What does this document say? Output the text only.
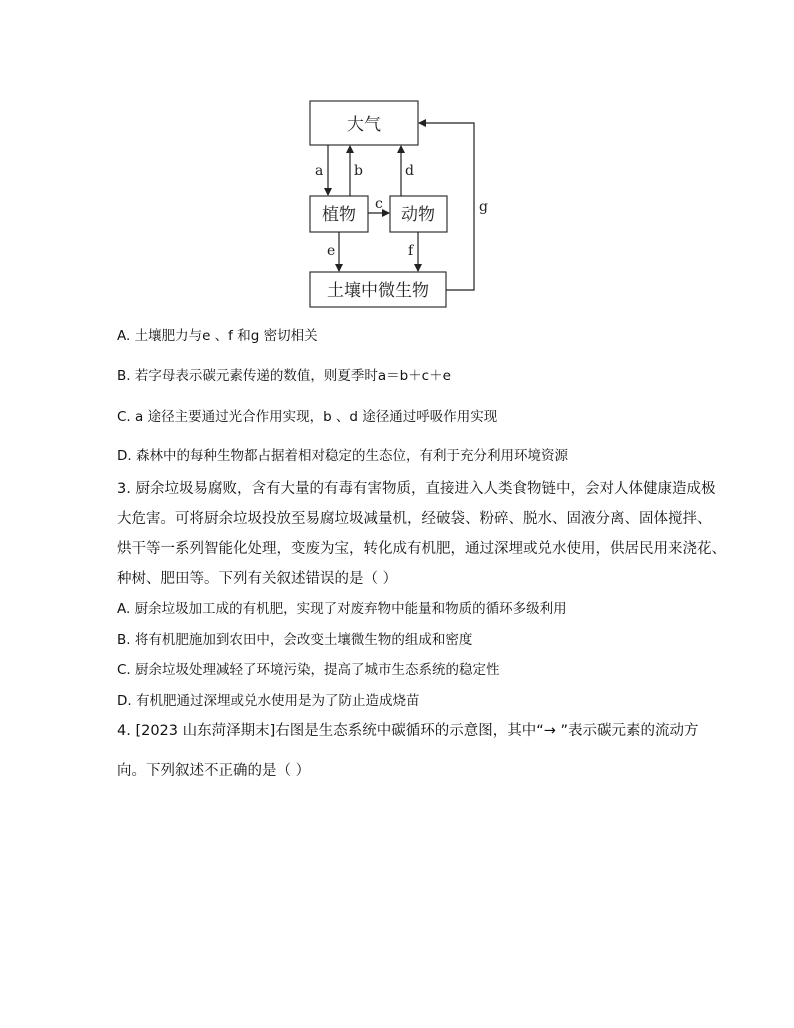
大气
植物	动物
土壤中微生物
a b	d
c
e	f
g
A. 土壤肥力与e 、f 和g 密切相关
B. 若字母表示碳元素传递的数值，则夏季时a＝b＋c＋e
C. a 途径主要通过光合作用实现，b 、d 途径通过呼吸作用实现
D. 森林中的每种生物都占据着相对稳定的生态位，有利于充分利用环境资源
3. 厨余垃圾易腐败，含有大量的有毒有害物质，直接进入人类食物链中，会对人体健康造成极
大危害。可将厨余垃圾投放至易腐垃圾减量机，经破袋、粉碎、脱水、固液分离、固体搅拌、
烘干等一系列智能化处理，变废为宝，转化成有机肥，通过深埋或兑水使用，供居民用来浇花、
种树、肥田等。下列有关叙述错误的是（ ）
A. 厨余垃圾加工成的有机肥，实现了对废弃物中能量和物质的循环多级利用
B. 将有机肥施加到农田中，会改变土壤微生物的组成和密度
C. 厨余垃圾处理减轻了环境污染，提高了城市生态系统的稳定性
D. 有机肥通过深埋或兑水使用是为了防止造成烧苗
4. [2023 山东菏泽期末]右图是生态系统中碳循环的示意图，其中“→ ”表示碳元素的流动方
向。下列叙述不正确的是（ ）
